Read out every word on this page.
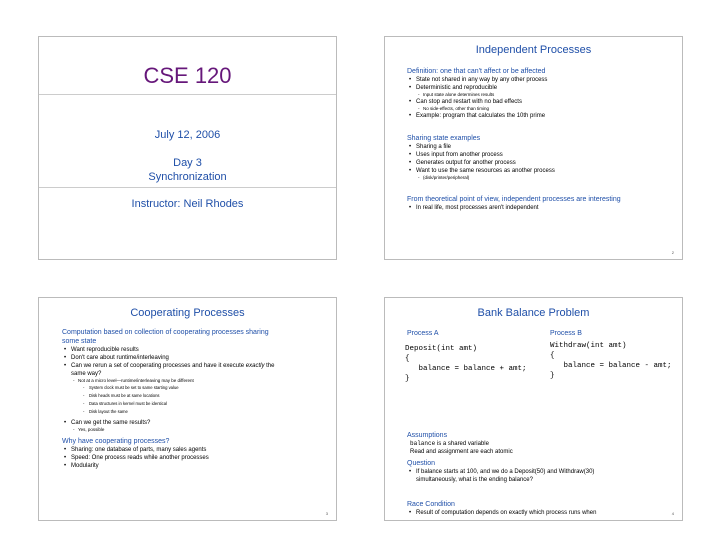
CSE 120
July 12, 2006
Day 3
Synchronization
Instructor: Neil Rhodes
Independent Processes
Definition: one that can't affect or be affected
• State not shared in any way by any other process
• Deterministic and reproducible
- Input state alone determines results
• Can stop and restart with no bad effects
- No side-effects, other than timing
• Example: program that calculates the 10th prime
Sharing state examples
• Sharing a file
• Uses input from another process
• Generates output for another process
• Want to use the same resources as another process
- (disk/printer/peripheral)
From theoretical point of view, independent processes are interesting
• In real life, most processes aren't independent
2
Cooperating Processes
Computation based on collection of cooperating processes sharing
some state
• Want reproducible results
• Don't care about runtime/interleaving
• Can we rerun a set of cooperating processes and have it execute exactly the
same way?
- Not at a micro level—runtime/interleaving may be different
- System clock must be set to same starting value
- Disk heads must be at same locations
- Data structures in kernel must be identical
- Disk layout the same
• Can we get the same results?
- Yes, possible
Why have cooperating processes?
• Sharing: one database of parts, many sales agents
• Speed: One process reads while another processes
• Modularity
3
Bank Balance Problem
Process A	Process B
Deposit(int amt)
{
balance = balance + amt;
}
Withdraw(int amt)
{
balance = balance - amt;
}
Assumptions
balance is a shared variable
Read and assignment are each atomic
Question
• If balance starts at 100, and we do a Deposit(50) and Withdraw(30)
simultaneously, what is the ending balance?
Race Condition
• Result of computation depends on exactly which process runs when	4
